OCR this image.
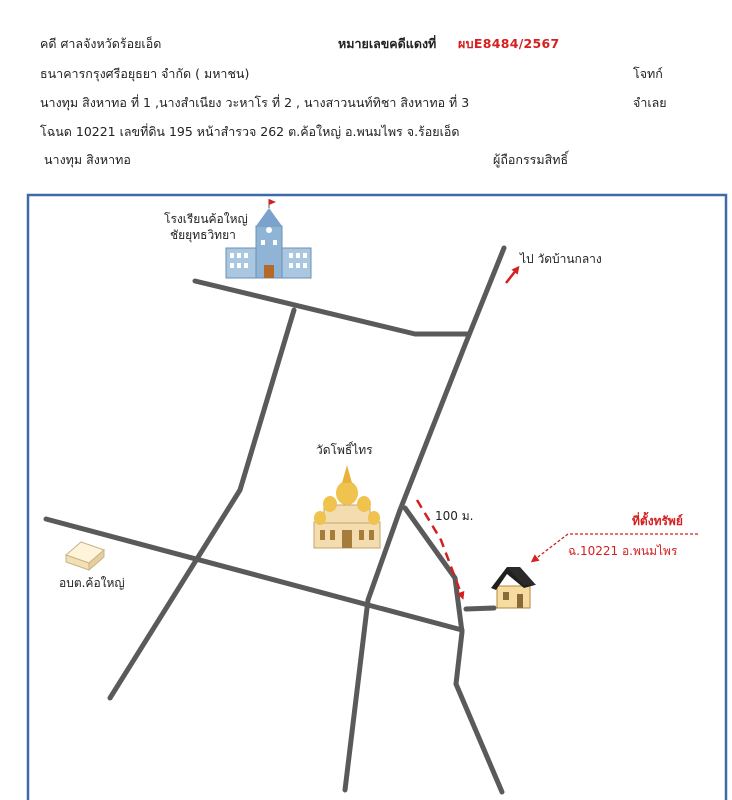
คดี ศาลจังหวัดร้อยเอ็ด	หมายเลขคดีแดงที่ ผบE8484/2567
ธนาคารกรุงศรีอยุธยา จำกัด ( มหาชน)	โจทก์
นางทุม สิงหาทอ ที่ 1 ,นางสำเนียง วะหาโร ที่ 2 , นางสาวนนท์ทิชา สิงหาทอ ที่ 3	จำเลย
โฉนด 10221 เลขที่ดิน 195 หน้าสำรวจ 262 ต.ค้อใหญ่ อ.พนมไพร จ.ร้อยเอ็ด
นางทุม สิงหาทอ	ผู้ถือกรรมสิทธิ์
โรงเรียนค้อใหญ่
ชัยยุทธวิทยา
ไป วัดบ้านกลาง
วัดโพธิ์ไทร
100 ม.	ที่ตั้งทรัพย์
ฉ.10221 อ.พนมไพร
อบต.ค้อใหญ่
